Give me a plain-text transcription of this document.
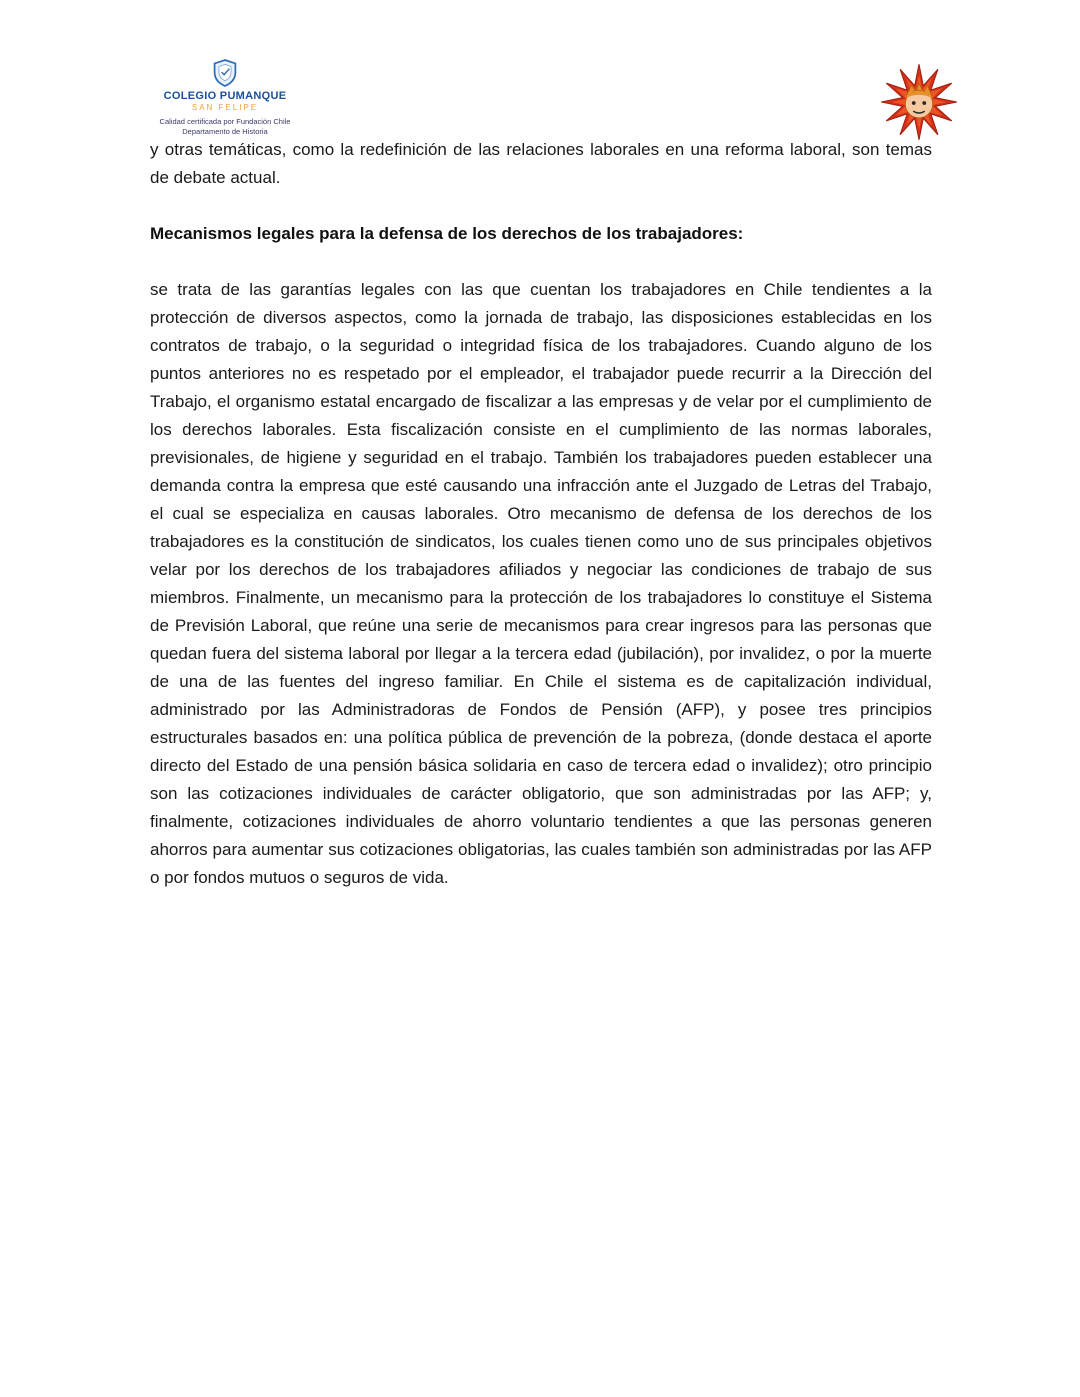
COLEGIO PUMANQUE
SAN FELIPE
Calidad certificada por Fundación Chile
Departamento de Historia

y otras temáticas, como la redefinición de las relaciones laborales en una reforma laboral, son temas de debate actual.

Mecanismos legales para la defensa de los derechos de los trabajadores:

se trata de las garantías legales con las que cuentan los trabajadores en Chile tendientes a la protección de diversos aspectos, como la jornada de trabajo, las disposiciones establecidas en los contratos de trabajo, o la seguridad o integridad física de los trabajadores. Cuando alguno de los puntos anteriores no es respetado por el empleador, el trabajador puede recurrir a la Dirección del Trabajo, el organismo estatal encargado de fiscalizar a las empresas y de velar por el cumplimiento de los derechos laborales. Esta fiscalización consiste en el cumplimiento de las normas laborales, previsionales, de higiene y seguridad en el trabajo. También los trabajadores pueden establecer una demanda contra la empresa que esté causando una infracción ante el Juzgado de Letras del Trabajo, el cual se especializa en causas laborales. Otro mecanismo de defensa de los derechos de los trabajadores es la constitución de sindicatos, los cuales tienen como uno de sus principales objetivos velar por los derechos de los trabajadores afiliados y negociar las condiciones de trabajo de sus miembros. Finalmente, un mecanismo para la protección de los trabajadores lo constituye el Sistema de Previsión Laboral, que reúne una serie de mecanismos para crear ingresos para las personas que quedan fuera del sistema laboral por llegar a la tercera edad (jubilación), por invalidez, o por la muerte de una de las fuentes del ingreso familiar. En Chile el sistema es de capitalización individual, administrado por las Administradoras de Fondos de Pensión (AFP), y posee tres principios estructurales basados en: una política pública de prevención de la pobreza, (donde destaca el aporte directo del Estado de una pensión básica solidaria en caso de tercera edad o invalidez); otro principio son las cotizaciones individuales de carácter obligatorio, que son administradas por las AFP; y, finalmente, cotizaciones individuales de ahorro voluntario tendientes a que las personas generen ahorros para aumentar sus cotizaciones obligatorias, las cuales también son administradas por las AFP o por fondos mutuos o seguros de vida.
